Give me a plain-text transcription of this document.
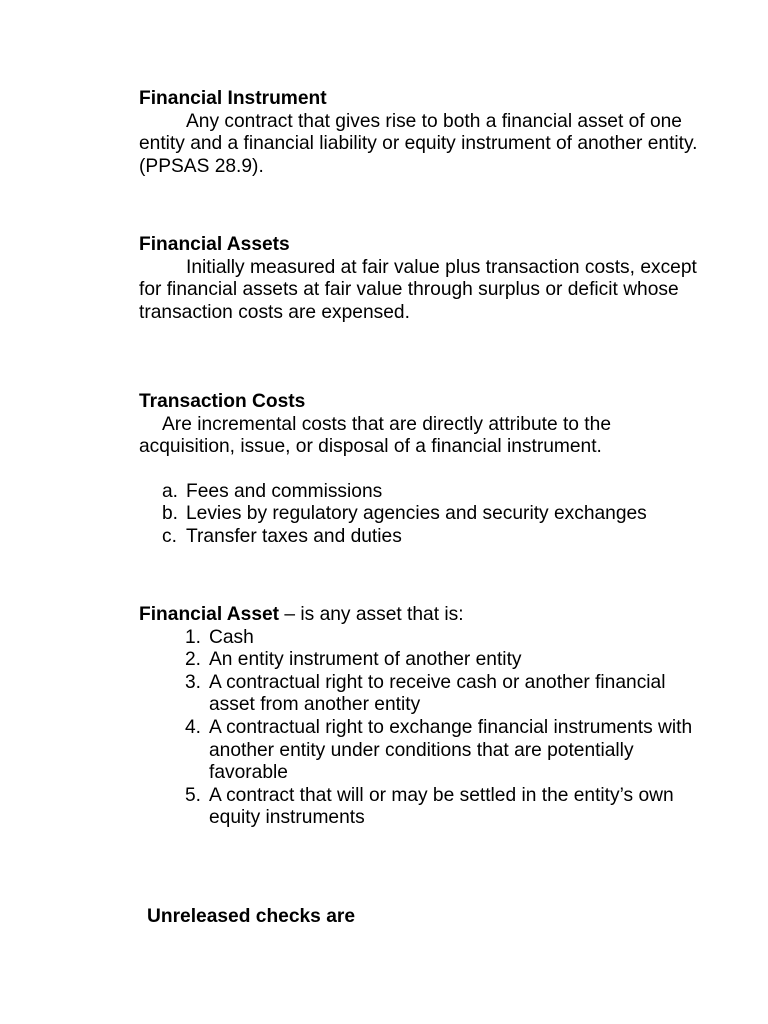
Financial Instrument

Any contract that gives rise to both a financial asset of one entity and a financial liability or equity instrument of another entity. (PPSAS 28.9).

Financial Assets

Initially measured at fair value plus transaction costs, except for financial assets at fair value through surplus or deficit whose transaction costs are expensed.

Transaction Costs

Are incremental costs that are directly attribute to the acquisition, issue, or disposal of a financial instrument.

a. Fees and commissions
b. Levies by regulatory agencies and security exchanges
c. Transfer taxes and duties

Financial Asset – is any asset that is:

1. Cash
2. An entity instrument of another entity
3. A contractual right to receive cash or another financial asset from another entity
4. A contractual right to exchange financial instruments with another entity under conditions that are potentially favorable
5. A contract that will or may be settled in the entity’s own equity instruments

Unreleased checks are
